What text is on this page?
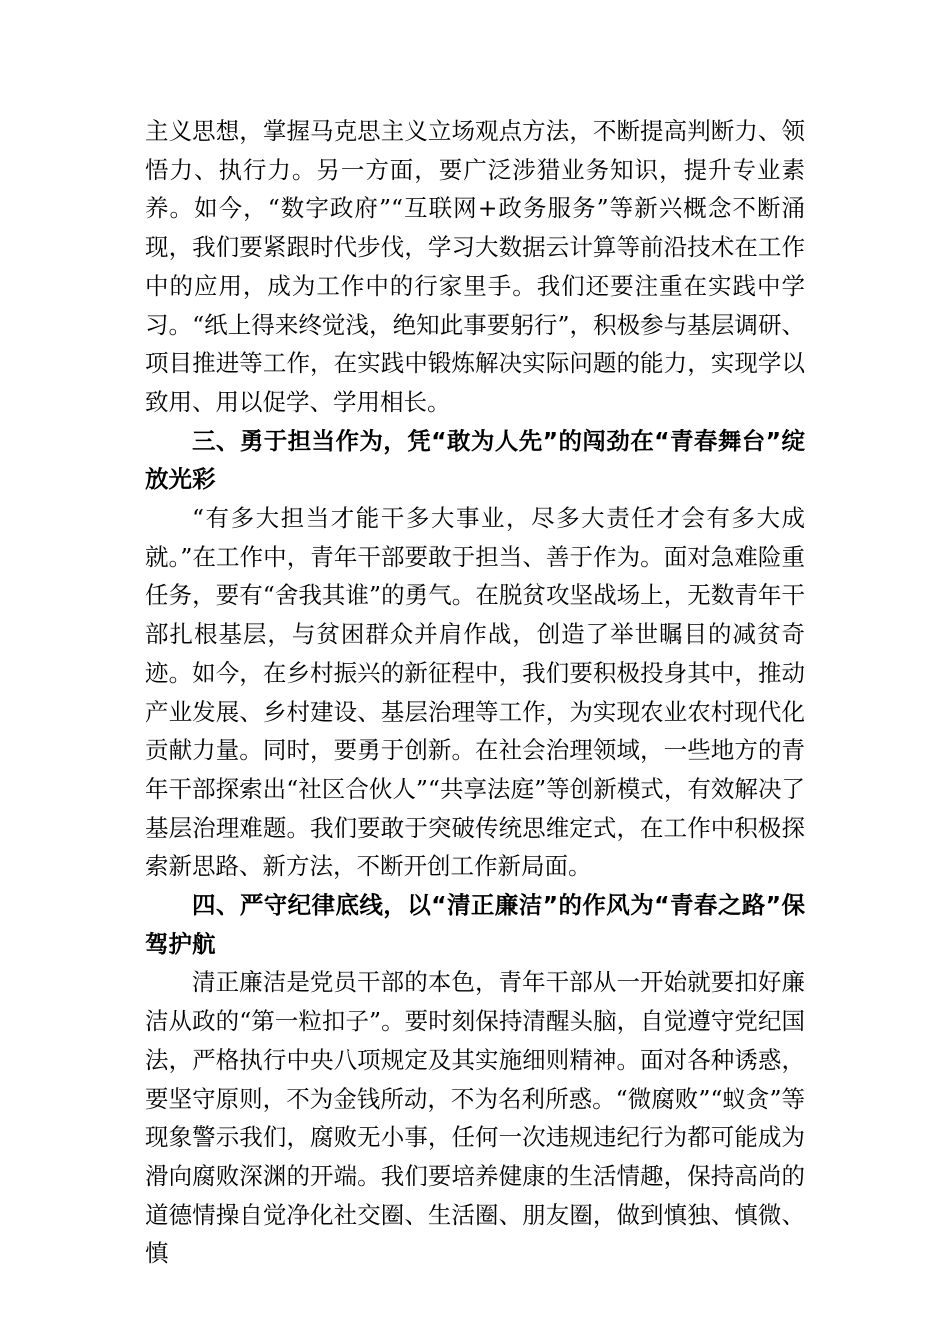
主义思想，掌握马克思主义立场观点方法，不断提高判断力、领悟力、执行力。另一方面，要广泛涉猎业务知识，提升专业素养。如今，“数字政府”“互联网+政务服务”等新兴概念不断涌现，我们要紧跟时代步伐，学习大数据云计算等前沿技术在工作中的应用，成为工作中的行家里手。我们还要注重在实践中学习。“纸上得来终觉浅，绝知此事要躬行”，积极参与基层调研、项目推进等工作，在实践中锻炼解决实际问题的能力，实现学以致用、用以促学、学用相长。

三、勇于担当作为，凭“敢为人先”的闯劲在“青春舞台”绽放光彩

“有多大担当才能干多大事业，尽多大责任才会有多大成就。”在工作中，青年干部要敢于担当、善于作为。面对急难险重任务，要有“舍我其谁”的勇气。在脱贫攻坚战场上，无数青年干部扎根基层，与贫困群众并肩作战，创造了举世瞩目的减贫奇迹。如今，在乡村振兴的新征程中，我们要积极投身其中，推动产业发展、乡村建设、基层治理等工作，为实现农业农村现代化贡献力量。同时，要勇于创新。在社会治理领域，一些地方的青年干部探索出“社区合伙人”“共享法庭”等创新模式，有效解决了基层治理难题。我们要敢于突破传统思维定式，在工作中积极探索新思路、新方法，不断开创工作新局面。

四、严守纪律底线，以“清正廉洁”的作风为“青春之路”保驾护航

清正廉洁是党员干部的本色，青年干部从一开始就要扣好廉洁从政的“第一粒扣子”。要时刻保持清醒头脑，自觉遵守党纪国法，严格执行中央八项规定及其实施细则精神。面对各种诱惑，要坚守原则，不为金钱所动，不为名利所惑。“微腐败”“蚁贪”等现象警示我们，腐败无小事，任何一次违规违纪行为都可能成为滑向腐败深渊的开端。我们要培养健康的生活情趣，保持高尚的道德情操自觉净化社交圈、生活圈、朋友圈，做到慎独、慎微、慎
